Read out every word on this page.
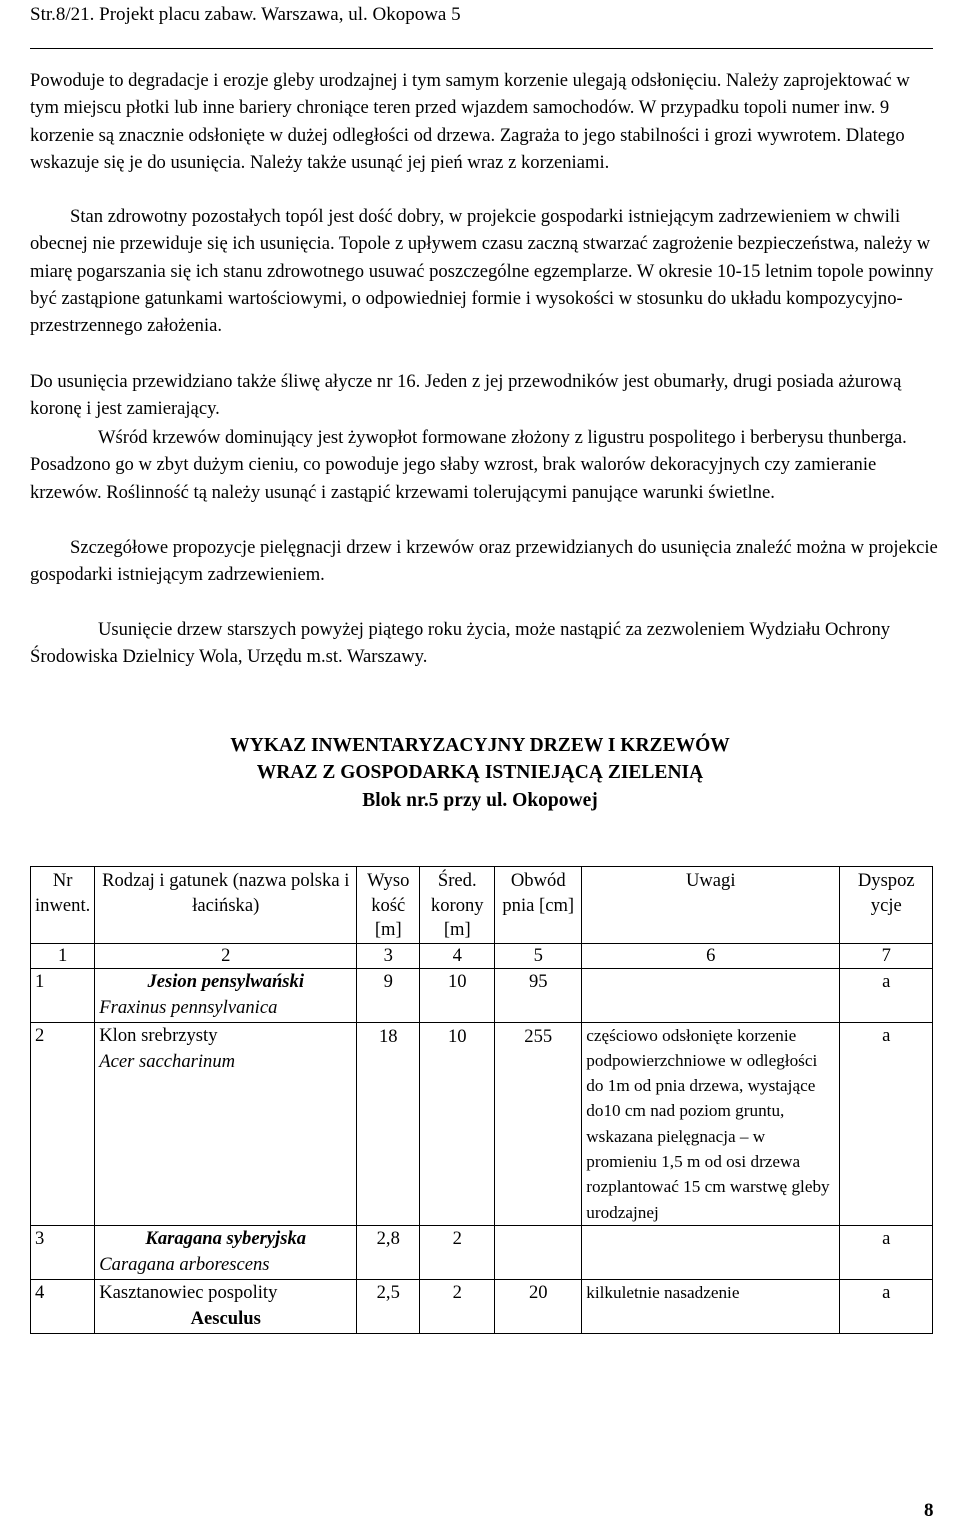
Str.8/21. Projekt placu zabaw. Warszawa, ul. Okopowa 5
Powoduje to degradacje i erozje gleby urodzajnej i tym samym korzenie ulegają odsłonięciu. Należy zaprojektować w tym miejscu płotki lub inne bariery chroniące teren przed wjazdem samochodów. W przypadku topoli numer inw. 9 korzenie są znacznie odsłonięte w dużej odległości od drzewa. Zagraża to jego stabilności i grozi wywrotem. Dlatego wskazuje się je do usunięcia. Należy także usunąć jej pień wraz z korzeniami.
Stan zdrowotny pozostałych topól jest dość dobry, w projekcie gospodarki istniejącym zadrzewieniem w chwili obecnej nie przewiduje się ich usunięcia. Topole z upływem czasu zaczną stwarzać zagrożenie bezpieczeństwa, należy w miarę pogarszania się ich stanu zdrowotnego usuwać poszczególne egzemplarze. W okresie 10-15 letnim topole powinny być zastąpione gatunkami wartościowymi, o odpowiedniej formie i wysokości w stosunku do układu kompozycyjno-przestrzennego założenia.
Do usunięcia przewidziano także śliwę ałycze nr 16. Jeden z jej przewodników jest obumarły, drugi posiada ażurową koronę i jest zamierający.
Wśród krzewów dominujący jest żywopłot formowane złożony z ligustru pospolitego i berberysu thunberga. Posadzono go w zbyt dużym cieniu, co powoduje jego słaby wzrost, brak walorów dekoracyjnych czy zamieranie krzewów. Roślinność tą należy usunąć i zastąpić krzewami tolerującymi panujące warunki świetlne.
Szczegółowe propozycje pielęgnacji drzew i krzewów oraz przewidzianych do usunięcia znaleźć można w projekcie gospodarki istniejącym zadrzewieniem.
Usunięcie drzew starszych powyżej piątego roku życia, może nastąpić za zezwoleniem Wydziału Ochrony Środowiska Dzielnicy Wola, Urzędu m.st. Warszawy.
WYKAZ INWENTARYZACYJNY DRZEW I KRZEWÓW
WRAZ Z GOSPODARKĄ ISTNIEJĄCĄ ZIELENIĄ
Blok nr.5 przy ul. Okopowej
Nr inwent.	Rodzaj i gatunek (nazwa polska i łacińska)	Wyso kość [m]	Śred. korony [m]	Obwód pnia [cm]	Uwagi	Dyspoz ycje
1	2	3	4	5	6	7
1	Jesion pensylwański
Fraxinus pennsylvanica	9	10	95		a
2	Klon srebrzysty
Acer saccharinum	18	10	255	częściowo odsłonięte korzenie podpowierzchniowe w odległości do 1m od pnia drzewa, wystające do10 cm nad poziom gruntu, wskazana pielęgnacja – w promieniu 1,5 m od osi drzewa rozplantować 15 cm warstwę gleby urodzajnej	a
3	Karagana syberyjska
Caragana arborescens	2,8	2			a
4	Kasztanowiec pospolity
Aesculus	2,5	2	20	kilkuletnie nasadzenie	a
8
